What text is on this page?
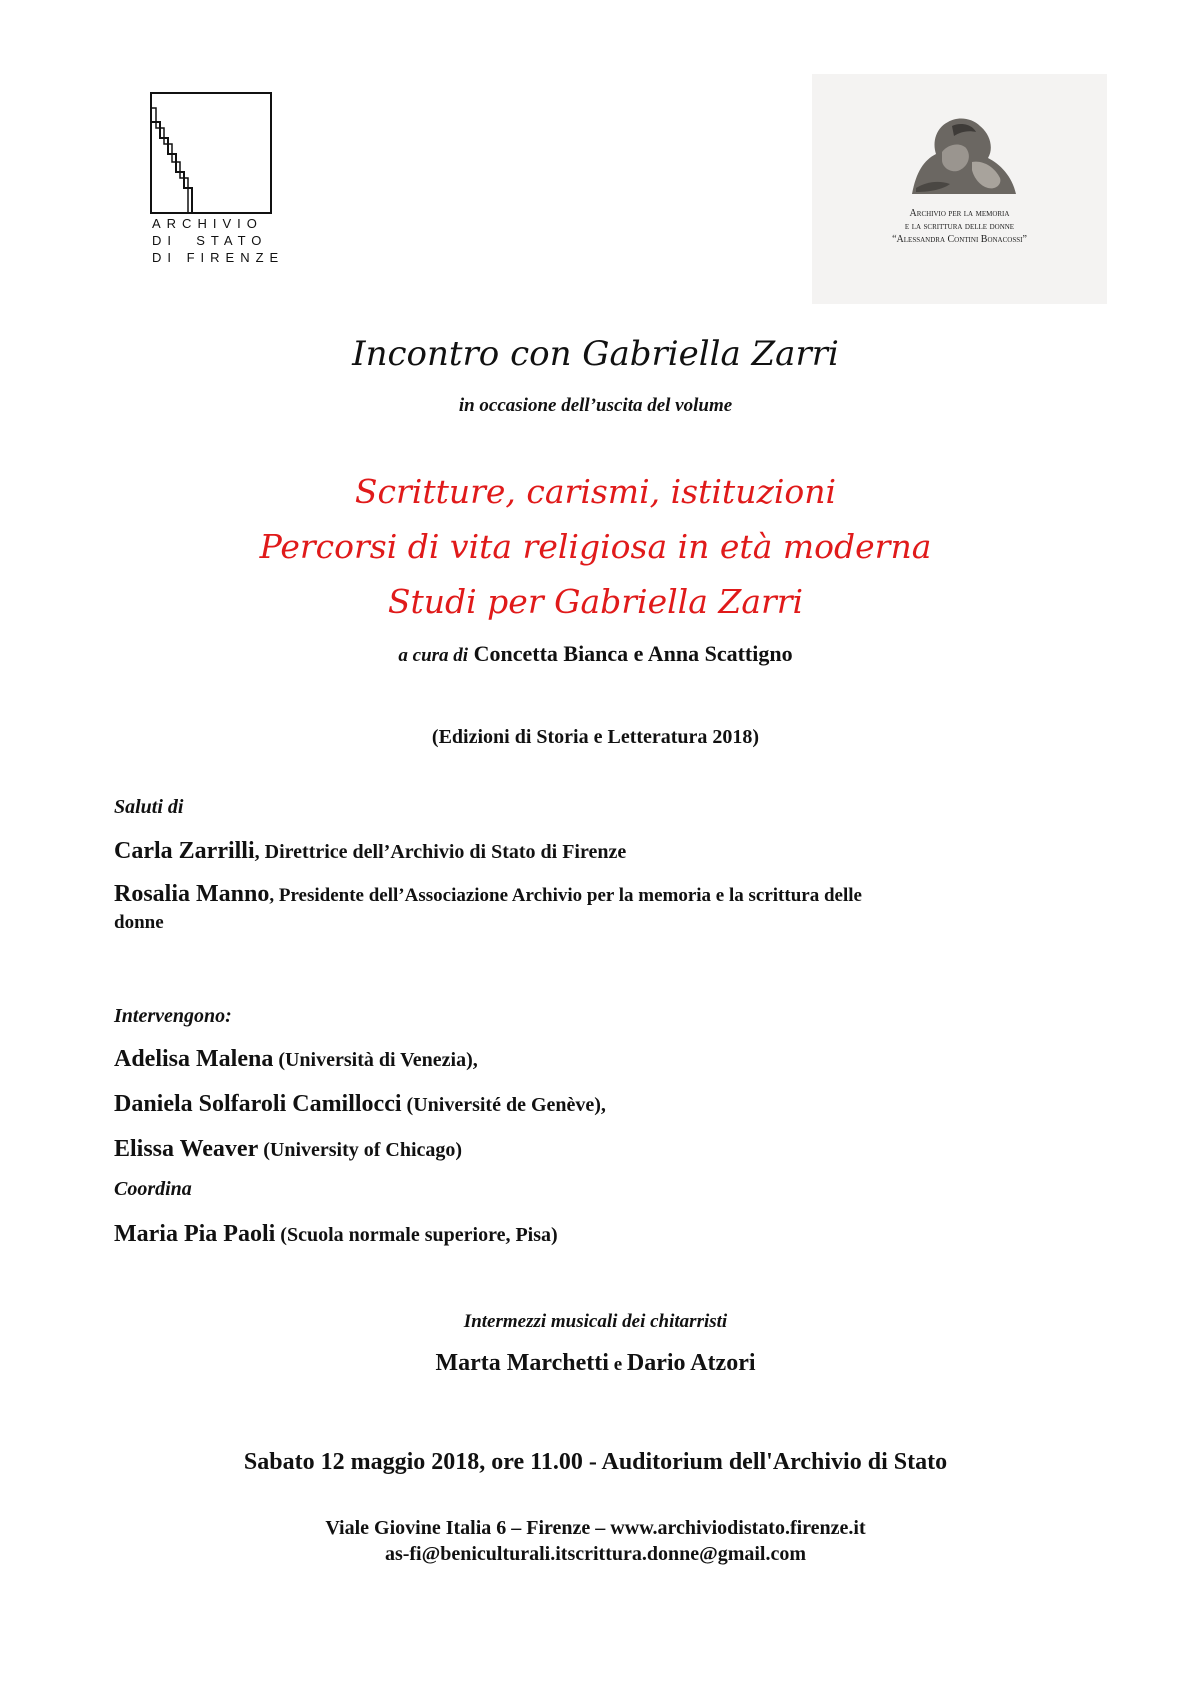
ARCHIVIO
DI  STATO
DI FIRENZE
Archivio per la memoria
e la scrittura delle donne
“Alessandra Contini Bonacossi”
Incontro con Gabriella Zarri
in occasione dell’uscita del volume
Scritture, carismi, istituzioni
Percorsi di vita religiosa in età moderna
Studi per Gabriella Zarri
a cura di Concetta Bianca e Anna Scattigno
(Edizioni di Storia e Letteratura 2018)
Saluti di
Carla Zarrilli, Direttrice dell’Archivio di Stato di Firenze
Rosalia Manno, Presidente dell’Associazione Archivio per la memoria e la scrittura delle
donne
Intervengono:
Adelisa Malena (Università di Venezia),
Daniela Solfaroli Camillocci (Université de Genève),
Elissa Weaver (University of Chicago)
Coordina
Maria Pia Paoli (Scuola normale superiore, Pisa)
Intermezzi musicali dei chitarristi
Marta Marchetti e Dario Atzori
Sabato 12 maggio 2018, ore 11.00 - Auditorium dell'Archivio di Stato
Viale Giovine Italia 6 – Firenze – www.archiviodistato.firenze.it
as-fi@beniculturali.itscrittura.donne@gmail.com
